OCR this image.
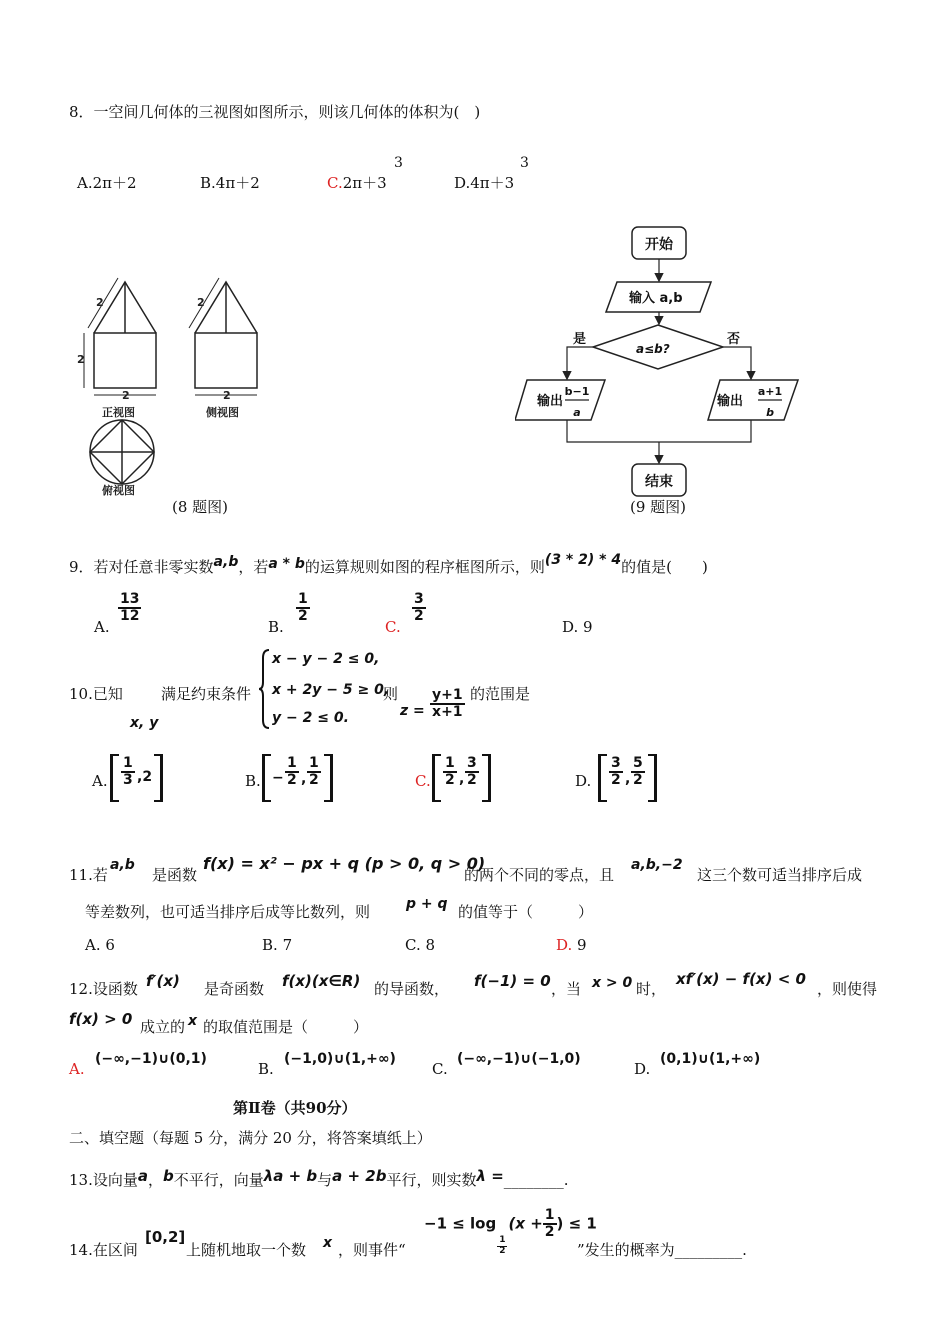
8．一空间几何体的三视图如图所示，则该几何体的体积为(　)
3	3
A.2π＋2	B.4π＋2	C.2π＋3	D.4π＋3
2
2	2
2	2
正视图	侧视图
俯视图
(8 题图)
开始
输入 a,b
a≤b?
是	否
输出
b−1
a
输出
a+1
b
结束
(9 题图)
9．若对任意非零实数a,b，若a * b的运算规则如图的程序框图所示，则(3 * 2) * 4的值是(　　)
A.
$\frac{13}{12}$
B.
$\frac{1}{2}$
C.
$\frac{3}{2}$
D. 9
10.已知
x, y
满足约束条件
x − y − 2 ≤ 0,
x + 2y − 5 ≥ 0,
y − 2 ≤ 0.
则
$z = \frac{y+1}{x+1}$ 的范围是
A. $\frac{1}{3} ,2$	B. − $\frac{1}{2}$ , $\frac{1}{2}$	C. $\frac{1}{2}$ , $\frac{3}{2}$	D. $\frac{3}{2}$ , $\frac{5}{2}$
11.若
a,b
是函数
f(x) = x² − px + q (p > 0, q > 0)
的两个不同的零点，且
a,b,−2
这三个数可适当排序后成
等差数列，也可适当排序后成等比数列，则	p + q 的值等于（　　　）
A. 6	B. 7	C. 8	D. 9
12.设函数 f′(x) 是奇函数 f(x)(x∈R) 的导函数， f(−1) = 0 ，当 x > 0 时，
xf′(x) − f(x) < 0
，则使得
f(x) > 0 成立的 x 的取值范围是（　　　）
A.
(−∞,−1)∪(0,1)
B.
(−1,0)∪(1,+∞)
C.
(−∞,−1)∪(−1,0)
D.
(0,1)∪(1,+∞)
第Ⅱ卷（共90分）
二、填空题（每题 5 分，满分 20 分，将答案填纸上）
13.设向量a，b不平行，向量λa + b与a + 2b平行，则实数λ =________.
14.在区间
[0,2]
上随机地取一个数 x ，则事件“
−1 ≤ log
$\frac{1}{2}$
($x + \frac{1}{2}$ ) ≤ 1
”发生的概率为_________.
